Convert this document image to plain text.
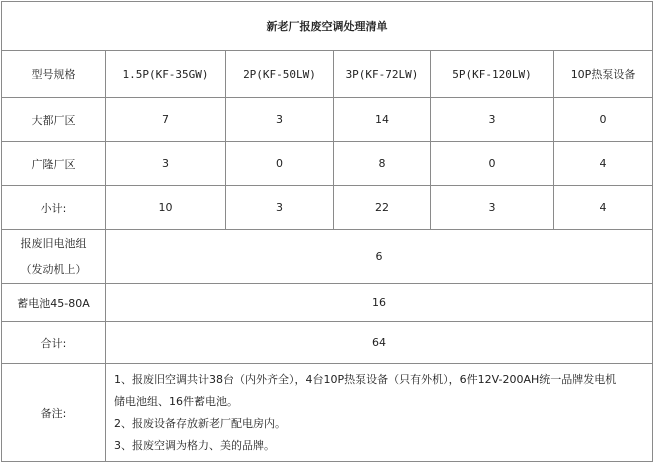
新老厂报废空调处理清单					
型号规格	1.5P(KF-35GW)	2P(KF-50LW)	3P(KF-72LW)	5P(KF-120LW)	10P热泵设备
大都厂区	7	3	14	3	0
广隆厂区	3	0	8	0	4
小计:	10	3	22	3	4

报废旧电池组
（发动机上）	6				
蓄电池45-80A	16				
合计:	64				
备注:	1、报废旧空调共计38台（内外齐全），4台10P热泵设备（只有外机），6件12V-200AH统一品牌发电机
储电池组、16件蓄电池。
2、报废设备存放新老厂配电房内。
3、报废空调为格力、美的品牌。				
